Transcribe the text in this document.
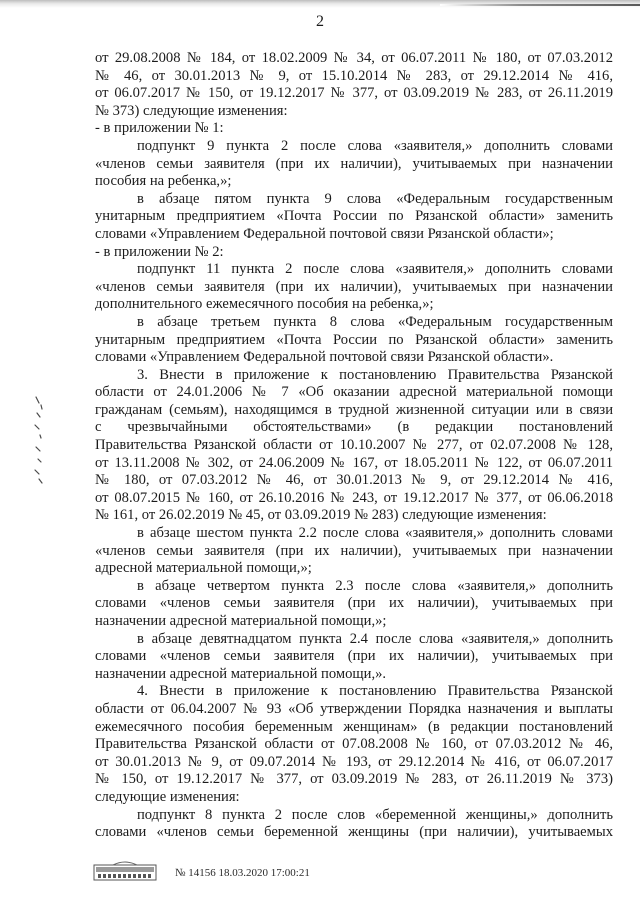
2
от 29.08.2008 № 184, от 18.02.2009 № 34, от 06.07.2011 № 180, от 07.03.2012
№ 46, от 30.01.2013 № 9, от 15.10.2014 № 283, от 29.12.2014 № 416,
от 06.07.2017 № 150, от 19.12.2017 № 377, от 03.09.2019 № 283, от 26.11.2019
№ 373) следующие изменения:
- в приложении № 1:
подпункт 9 пункта 2 после слова «заявителя,» дополнить словами
«членов семьи заявителя (при их наличии), учитываемых при назначении
пособия на ребенка,»;
в абзаце пятом пункта 9 слова «Федеральным государственным
унитарным предприятием «Почта России по Рязанской области» заменить
словами «Управлением Федеральной почтовой связи Рязанской области»;
- в приложении № 2:
подпункт 11 пункта 2 после слова «заявителя,» дополнить словами
«членов семьи заявителя (при их наличии), учитываемых при назначении
дополнительного ежемесячного пособия на ребенка,»;
в абзаце третьем пункта 8 слова «Федеральным государственным
унитарным предприятием «Почта России по Рязанской области» заменить
словами «Управлением Федеральной почтовой связи Рязанской области».
3. Внести в приложение к постановлению Правительства Рязанской
области от 24.01.2006 № 7 «Об оказании адресной материальной помощи
гражданам (семьям), находящимся в трудной жизненной ситуации или в связи
с чрезвычайными обстоятельствами» (в редакции постановлений
Правительства Рязанской области от 10.10.2007 № 277, от 02.07.2008 № 128,
от 13.11.2008 № 302, от 24.06.2009 № 167, от 18.05.2011 № 122, от 06.07.2011
№ 180, от 07.03.2012 № 46, от 30.01.2013 № 9, от 29.12.2014 № 416,
от 08.07.2015 № 160, от 26.10.2016 № 243, от 19.12.2017 № 377, от 06.06.2018
№ 161, от 26.02.2019 № 45, от 03.09.2019 № 283) следующие изменения:
в абзаце шестом пункта 2.2 после слова «заявителя,» дополнить словами
«членов семьи заявителя (при их наличии), учитываемых при назначении
адресной материальной помощи,»;
в абзаце четвертом пункта 2.3 после слова «заявителя,» дополнить
словами «членов семьи заявителя (при их наличии), учитываемых при
назначении адресной материальной помощи,»;
в абзаце девятнадцатом пункта 2.4 после слова «заявителя,» дополнить
словами «членов семьи заявителя (при их наличии), учитываемых при
назначении адресной материальной помощи,».
4. Внести в приложение к постановлению Правительства Рязанской
области от 06.04.2007 № 93 «Об утверждении Порядка назначения и выплаты
ежемесячного пособия беременным женщинам» (в редакции постановлений
Правительства Рязанской области от 07.08.2008 № 160, от 07.03.2012 № 46,
от 30.01.2013 № 9, от 09.07.2014 № 193, от 29.12.2014 № 416, от 06.07.2017
№ 150, от 19.12.2017 № 377, от 03.09.2019 № 283, от 26.11.2019 № 373)
следующие изменения:
подпункт 8 пункта 2 после слов «беременной женщины,» дополнить
словами «членов семьи беременной женщины (при наличии), учитываемых
№ 14156 18.03.2020 17:00:21
